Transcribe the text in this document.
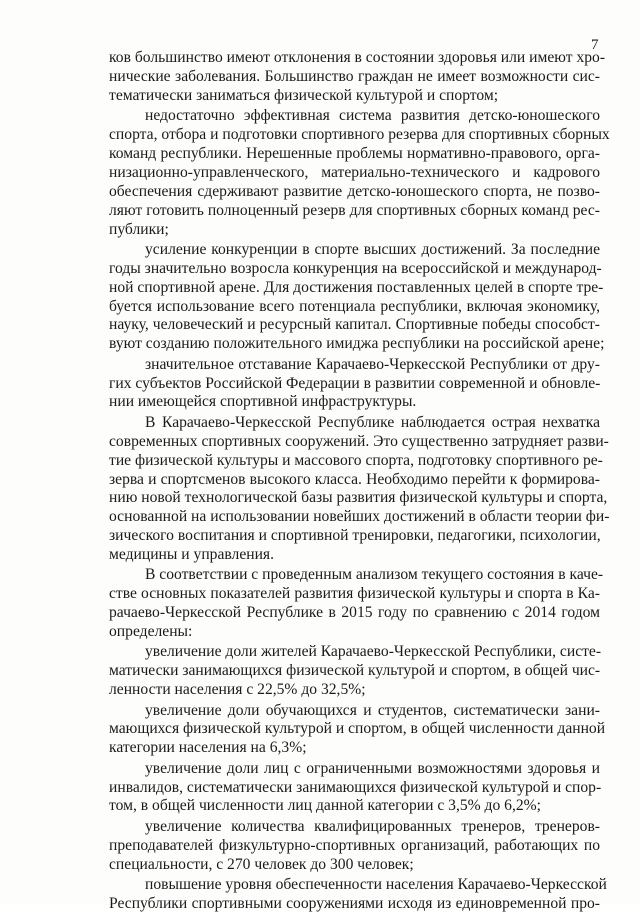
7
ков большинство имеют отклонения в состоянии здоровья или имеют хро-
нические заболевания. Большинство граждан не имеет возможности сис-
тематически заниматься физической культурой и спортом;
недостаточно эффективная система развития детско-юношеского
спорта, отбора и подготовки спортивного резерва для спортивных сборных
команд республики. Нерешенные проблемы нормативно-правового, орга-
низационно-управленческого, материально-технического и кадрового
обеспечения сдерживают развитие детско-юношеского спорта, не позво-
ляют готовить полноценный резерв для спортивных сборных команд рес-
публики;
усиление конкуренции в спорте высших достижений. За последние
годы значительно возросла конкуренция на всероссийской и международ-
ной спортивной арене. Для достижения поставленных целей в спорте тре-
буется использование всего потенциала республики, включая экономику,
науку, человеческий и ресурсный капитал. Спортивные победы способст-
вуют созданию положительного имиджа республики на российской арене;
значительное отставание Карачаево-Черкесской Республики от дру-
гих субъектов Российской Федерации в развитии современной и обновле-
нии имеющейся спортивной инфраструктуры.
В Карачаево-Черкесской Республике наблюдается острая нехватка
современных спортивных сооружений. Это существенно затрудняет разви-
тие физической культуры и массового спорта, подготовку спортивного ре-
зерва и спортсменов высокого класса. Необходимо перейти к формирова-
нию новой технологической базы развития физической культуры и спорта,
основанной на использовании новейших достижений в области теории фи-
зического воспитания и спортивной тренировки, педагогики, психологии,
медицины и управления.
В соответствии с проведенным анализом текущего состояния в каче-
стве основных показателей развития физической культуры и спорта в Ка-
рачаево-Черкесской Республике в 2015 году по сравнению с 2014 годом
определены:
увеличение доли жителей Карачаево-Черкесской Республики, систе-
матически занимающихся физической культурой и спортом, в общей чис-
ленности населения с 22,5% до 32,5%;
увеличение доли обучающихся и студентов, систематически зани-
мающихся физической культурой и спортом, в общей численности данной
категории населения на 6,3%;
увеличение доли лиц с ограниченными возможностями здоровья и
инвалидов, систематически занимающихся физической культурой и спор-
том, в общей численности лиц данной категории с 3,5% до 6,2%;
увеличение количества квалифицированных тренеров, тренеров-
преподавателей физкультурно-спортивных организаций, работающих по
специальности, с 270 человек до 300 человек;
повышение уровня обеспеченности населения Карачаево-Черкесской
Республики спортивными сооружениями исходя из единовременной про-
